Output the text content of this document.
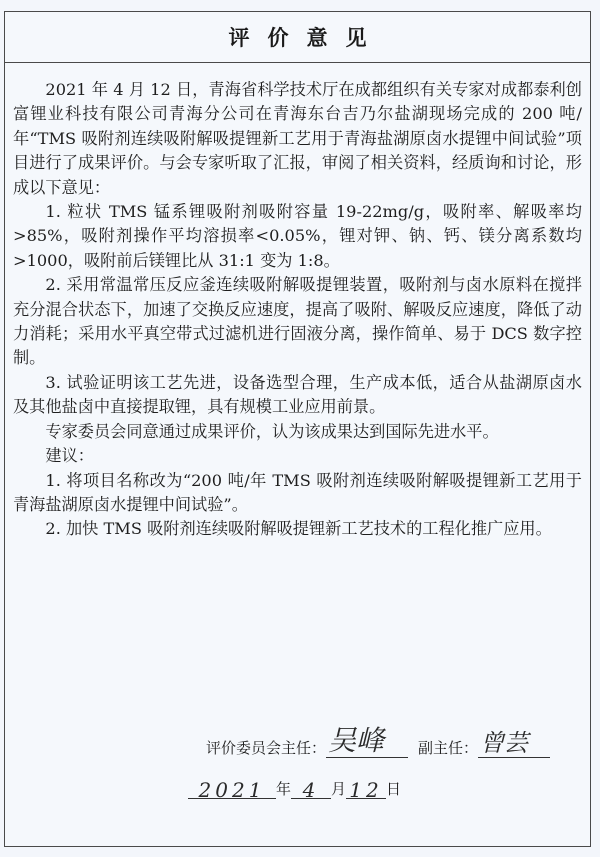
评价意见

2021 年 4 月 12 日，青海省科学技术厅在成都组织有关专家对成都泰利创富锂业科技有限公司青海分公司在青海东台吉乃尔盐湖现场完成的 200 吨/年“TMS 吸附剂连续吸附解吸提锂新工艺用于青海盐湖原卤水提锂中间试验”项目进行了成果评价。与会专家听取了汇报，审阅了相关资料，经质询和讨论，形成以下意见：

1. 粒状 TMS 锰系锂吸附剂吸附容量 19-22mg/g，吸附率、解吸率均>85%，吸附剂操作平均溶损率<0.05%，锂对钾、钠、钙、镁分离系数均>1000，吸附前后镁锂比从 31:1 变为 1:8。

2. 采用常温常压反应釜连续吸附解吸提锂装置，吸附剂与卤水原料在搅拌充分混合状态下，加速了交换反应速度，提高了吸附、解吸反应速度，降低了动力消耗；采用水平真空带式过滤机进行固液分离，操作简单、易于 DCS 数字控制。

3. 试验证明该工艺先进，设备选型合理，生产成本低，适合从盐湖原卤水及其他盐卤中直接提取锂，具有规模工业应用前景。

专家委员会同意通过成果评价，认为该成果达到国际先进水平。

建议：

1. 将项目名称改为“200 吨/年 TMS 吸附剂连续吸附解吸提锂新工艺用于青海盐湖原卤水提锂中间试验”。

2. 加快 TMS 吸附剂连续吸附解吸提锂新工艺技术的工程化推广应用。

评价委员会主任： 吴峰 副主任： 曾芸
2021 年 4 月 12 日
